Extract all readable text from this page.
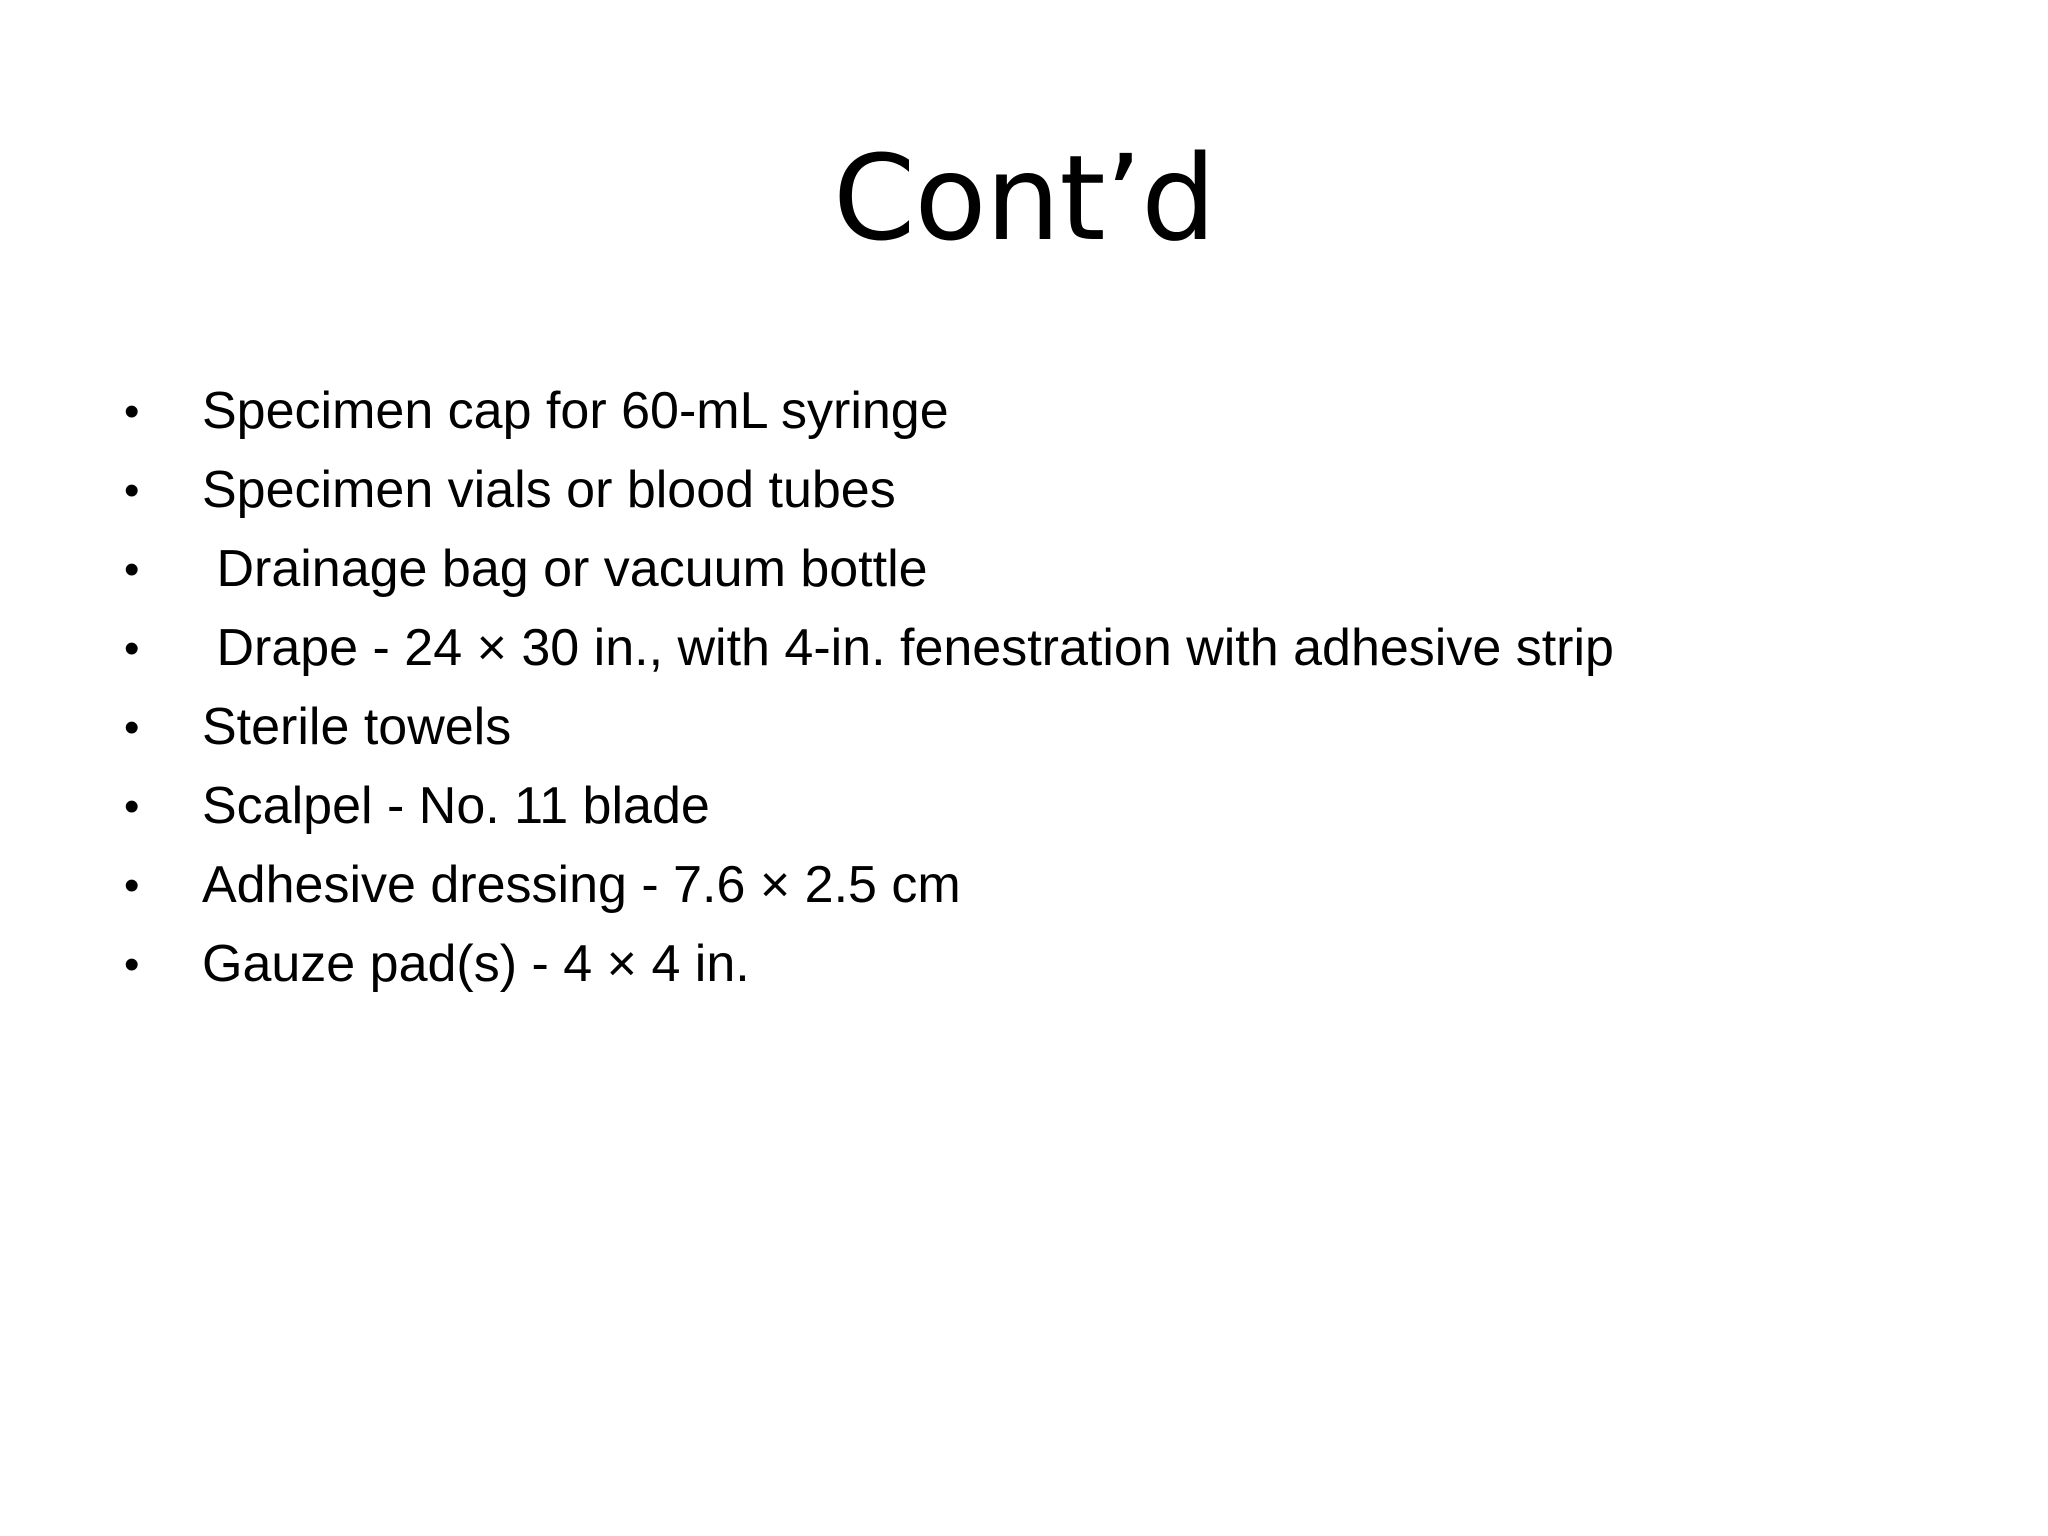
Cont’d
• Specimen cap for 60-mL syringe
• Specimen vials or blood tubes
• Drainage bag or vacuum bottle
• Drape - 24 × 30 in., with 4-in. fenestration with adhesive strip
• Sterile towels
• Scalpel - No. 11 blade
• Adhesive dressing - 7.6 × 2.5 cm
• Gauze pad(s) - 4 × 4 in.
